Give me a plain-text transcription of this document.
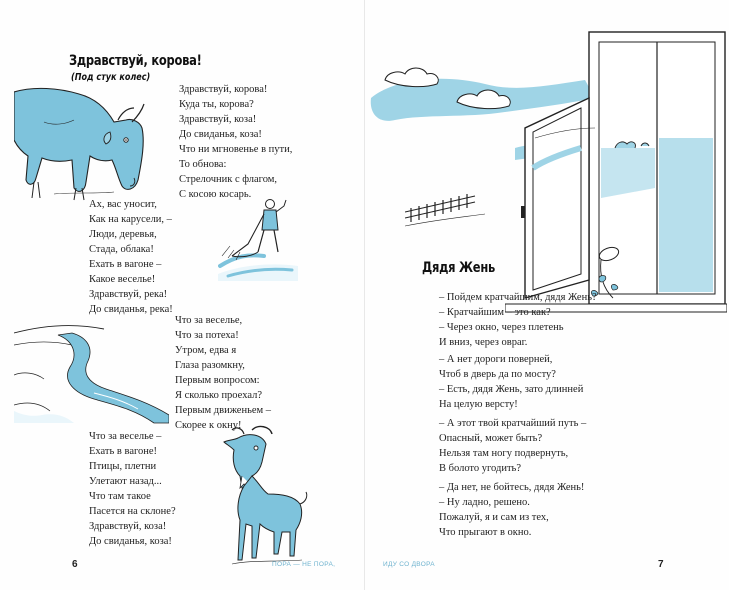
Здравствуй, корова!
(Под стук колес)
Здравствуй, корова!
Куда ты, корова?
Здравствуй, коза!
До свиданья, коза!
Что ни мгновенье в пути,
То обнова:
Стрелочник с флагом,
С косою косарь.
Ах, вас уносит,
Как на карусели, –
Люди, деревья,
Стада, облака!
Ехать в вагоне –
Какое веселье!
Здравствуй, река!
До свиданья, река!
Что за веселье,
Что за потеха!
Утром, едва я
Глаза разомкну,
Первым вопросом:
Я сколько проехал?
Первым движеньем –
Скорее к окну!
Что за веселье –
Ехать в вагоне!
Птицы, плетни
Улетают назад...
Что там такое
Пасется на склоне?
Здравствуй, коза!
До свиданья, коза!
6	ПОРА — НЕ ПОРА,
Дядя Жень
– Пойдем кратчайшим, дядя Жень?
– Кратчайшим – это как?
– Через окно, через плетень
И вниз, через овраг.
– А нет дороги поверней,
Чтоб в дверь да по мосту?
– Есть, дядя Жень, зато длинней
На целую версту!
– А этот твой кратчайший путь –
Опасный, может быть?
Нельзя там ногу подвернуть,
В болото угодить?
– Да нет, не бойтесь, дядя Жень!
– Ну ладно, решено.
Пожалуй, я и сам из тех,
Что прыгают в окно.
ИДУ СО ДВОРА	7
